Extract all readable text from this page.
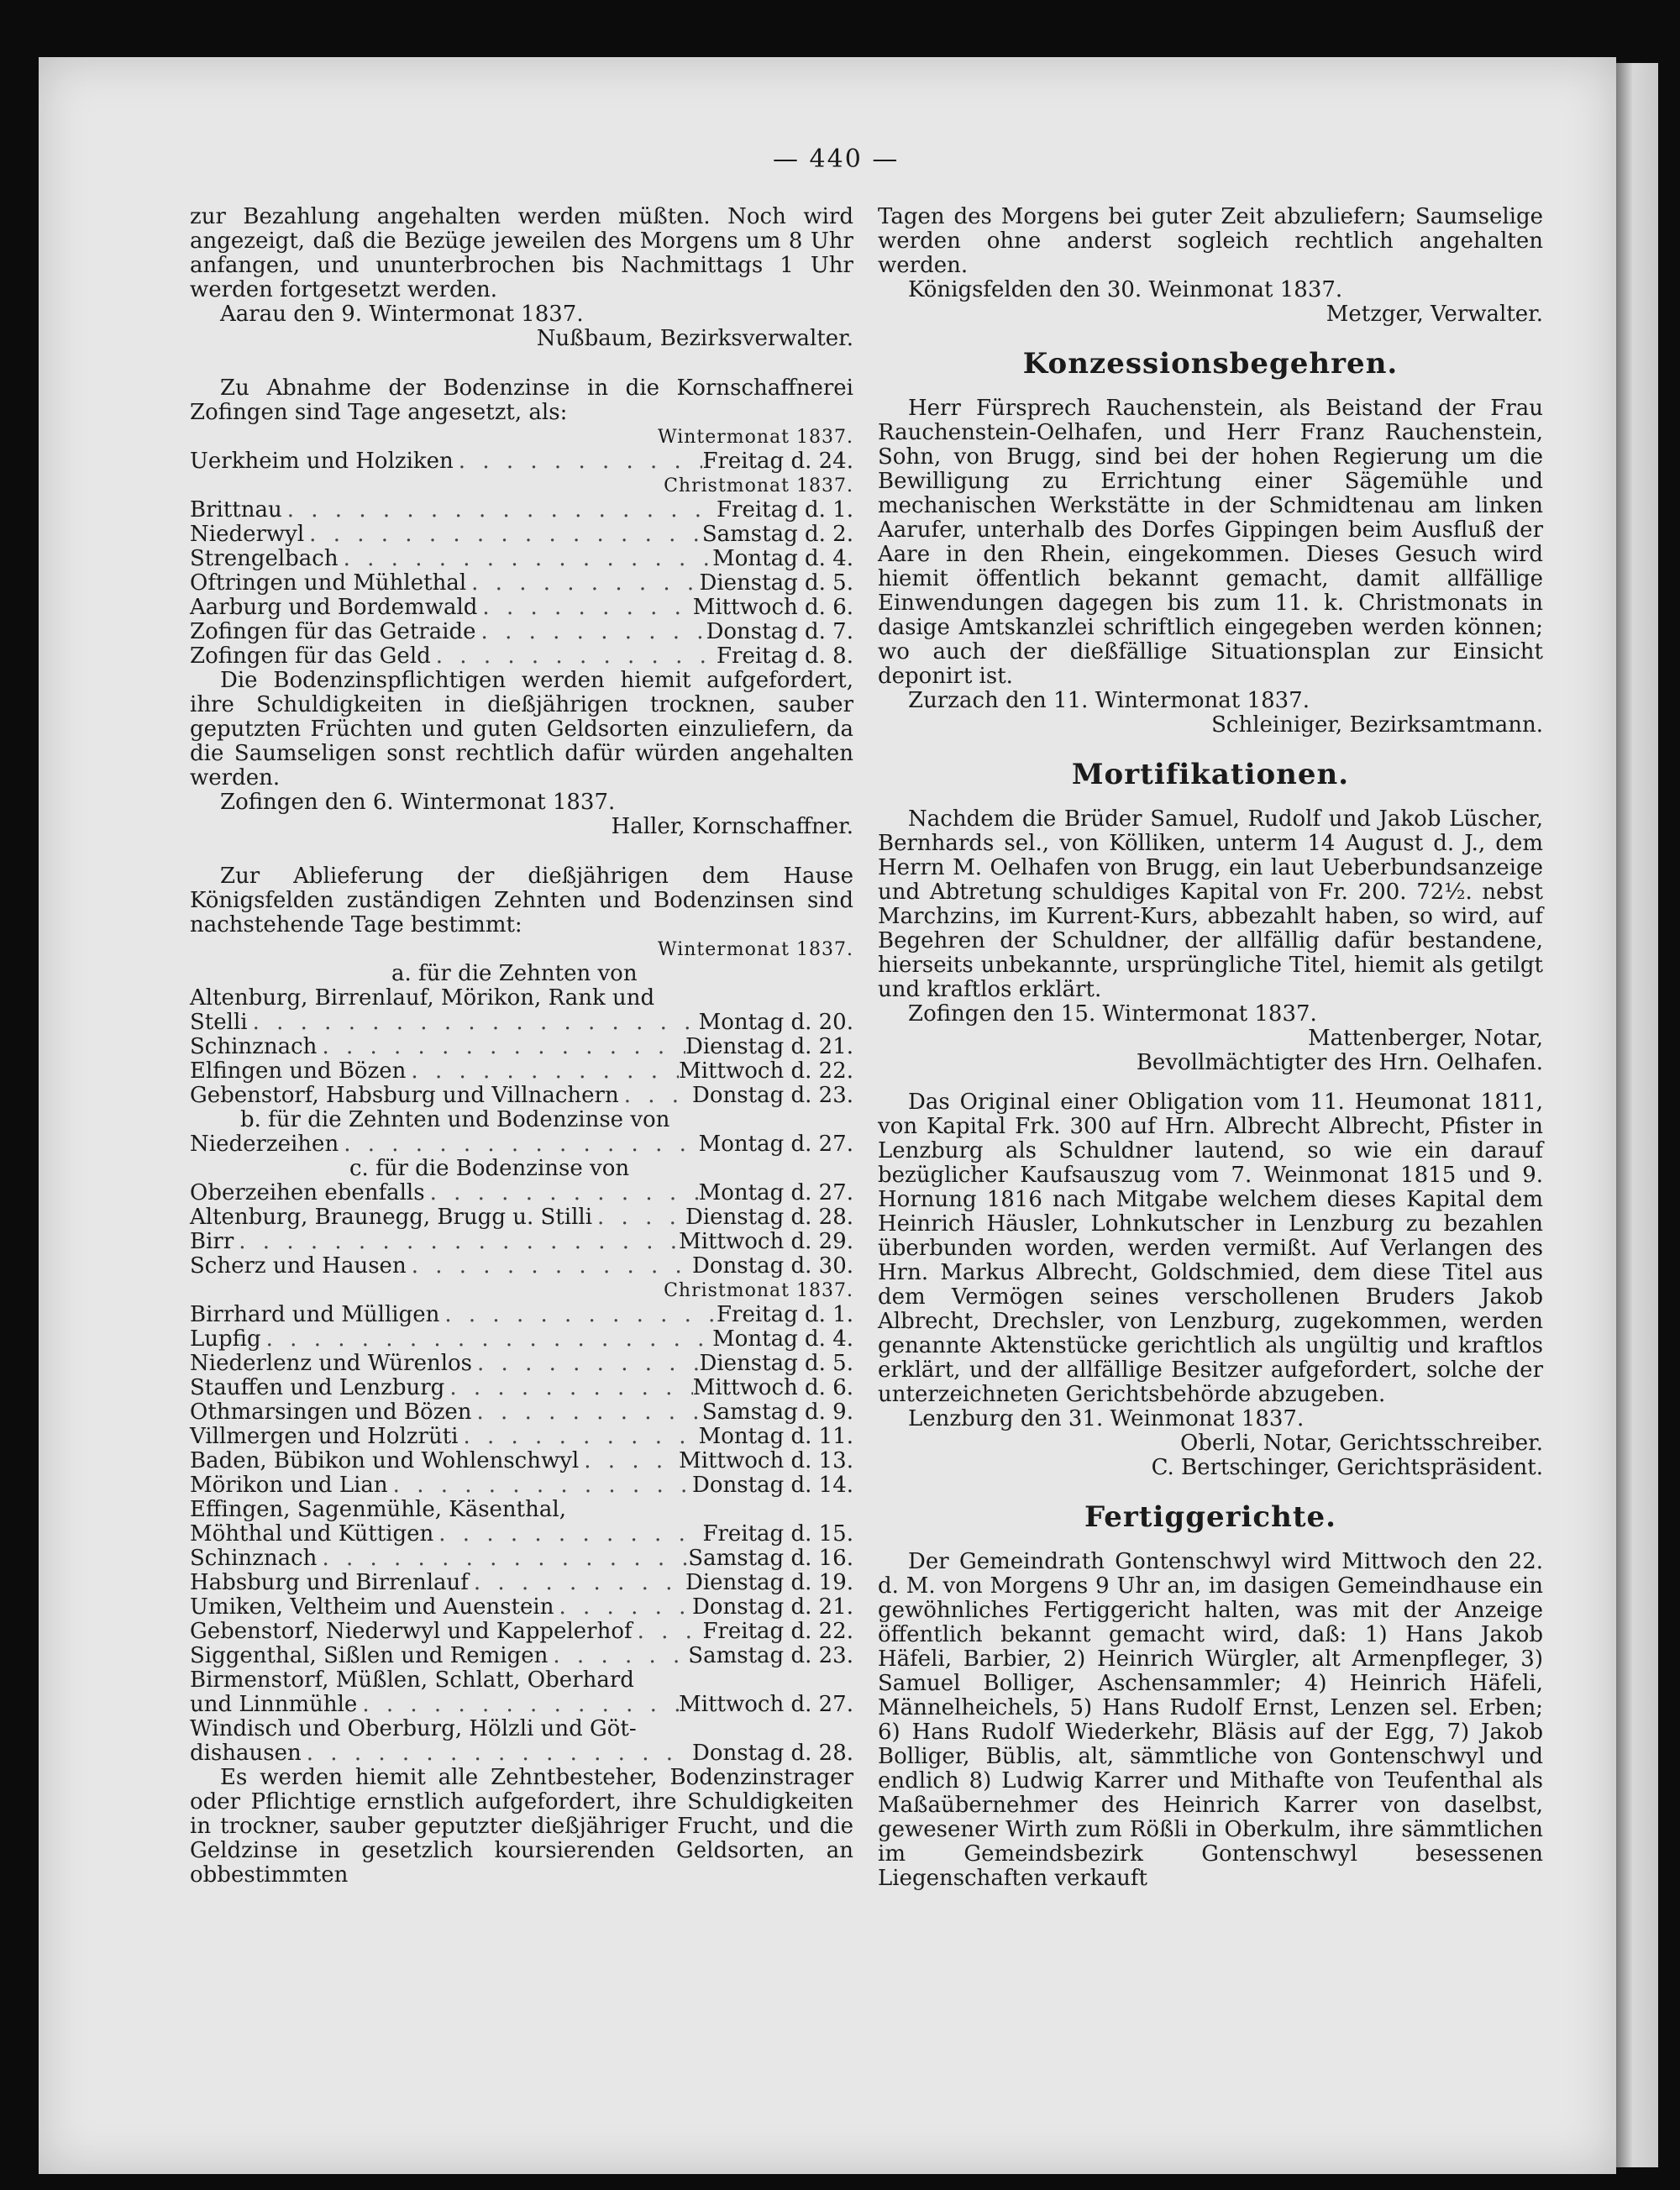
— 440 —

zur Bezahlung angehalten werden müßten. Noch wird angezeigt, daß die Bezüge jeweilen des Morgens um 8 Uhr anfangen, und ununterbrochen bis Nachmittags 1 Uhr werden fortgesetzt werden.

Aarau den 9. Wintermonat 1837.

Nußbaum, Bezirksverwalter.

Zu Abnahme der Bodenzinse in die Kornschaffnerei Zofingen sind Tage angesetzt, als:

Wintermonat 1837.
Uerkheim und Holziken . . .	Freitag d. 24.
Christmonat 1837.
Brittnau . . .	Freitag d. 1.
Niederwyl . . .	Samstag d. 2.
Strengelbach . . .	Montag d. 4.
Oftringen und Mühlethal . . .	Dienstag d. 5.
Aarburg und Bordemwald . . .	Mittwoch d. 6.
Zofingen für das Getraide . . .	Donstag d. 7.
Zofingen für das Geld . . .	Freitag d. 8.

Die Bodenzinspflichtigen werden hiemit aufgefordert, ihre Schuldigkeiten in dießjährigen trocknen, sauber geputzten Früchten und guten Geldsorten einzuliefern, da die Saumseligen sonst rechtlich dafür würden angehalten werden.

Zofingen den 6. Wintermonat 1837.

Haller, Kornschaffner.

Zur Ablieferung der dießjährigen dem Hause Königsfelden zuständigen Zehnten und Bodenzinsen sind nachstehende Tage bestimmt:

Wintermonat 1837.

a. für die Zehnten von

Altenburg, Birrenlauf, Mörikon, Rank und

Stelli . . .	Montag d. 20.
Schinznach . . .	Dienstag d. 21.
Elfingen und Bözen . . .	Mittwoch d. 22.
Gebenstorf, Habsburg und Villnachern . . .	Donstag d. 23.

b. für die Zehnten und Bodenzinse von

Niederzeihen . . .	Montag d. 27.

c. für die Bodenzinse von

Oberzeihen ebenfalls . . .	Montag d. 27.
Altenburg, Braunegg, Brugg u. Stilli . . .	Dienstag d. 28.
Birr . . .	Mittwoch d. 29.
Scherz und Hausen . . .	Donstag d. 30.
Christmonat 1837.
Birrhard und Mülligen . . .	Freitag d. 1.
Lupfig . . .	Montag d. 4.
Niederlenz und Würenlos . . .	Dienstag d. 5.
Stauffen und Lenzburg . . .	Mittwoch d. 6.
Othmarsingen und Bözen . . .	Samstag d. 9.
Villmergen und Holzrüti . . .	Montag d. 11.
Baden, Bübikon und Wohlenschwyl . . .	Mittwoch d. 13.
Mörikon und Lian . . .	Donstag d. 14.

Effingen, Sagenmühle, Käsenthal,

Möhthal und Küttigen . . .	Freitag d. 15.
Schinznach . . .	Samstag d. 16.
Habsburg und Birrenlauf . . .	Dienstag d. 19.
Umiken, Veltheim und Auenstein . . .	Donstag d. 21.
Gebenstorf, Niederwyl und Kappelerhof . . .	Freitag d. 22.
Siggenthal, Sißlen und Remigen . . .	Samstag d. 23.

Birmenstorf, Müßlen, Schlatt, Oberhard

und Linnmühle . . .	Mittwoch d. 27.

Windisch und Oberburg, Hölzli und Göt-

dishausen . . .	Donstag d. 28.

Es werden hiemit alle Zehntbesteher, Bodenzinstrager oder Pflichtige ernstlich aufgefordert, ihre Schuldigkeiten in trockner, sauber geputzter dießjähriger Frucht, und die Geldzinse in gesetzlich koursierenden Geldsorten, an obbestimmten

Tagen des Morgens bei guter Zeit abzuliefern; Saumselige werden ohne anderst sogleich rechtlich angehalten werden.

Königsfelden den 30. Weinmonat 1837.

Metzger, Verwalter.

Konzessionsbegehren.

Herr Fürsprech Rauchenstein, als Beistand der Frau Rauchenstein-Oelhafen, und Herr Franz Rauchenstein, Sohn, von Brugg, sind bei der hohen Regierung um die Bewilligung zu Errichtung einer Sägemühle und mechanischen Werkstätte in der Schmidtenau am linken Aarufer, unterhalb des Dorfes Gippingen beim Ausfluß der Aare in den Rhein, eingekommen. Dieses Gesuch wird hiemit öffentlich bekannt gemacht, damit allfällige Einwendungen dagegen bis zum 11. k. Christmonats in dasige Amtskanzlei schriftlich eingegeben werden können; wo auch der dießfällige Situationsplan zur Einsicht deponirt ist.

Zurzach den 11. Wintermonat 1837.

Schleiniger, Bezirksamtmann.

Mortifikationen.

Nachdem die Brüder Samuel, Rudolf und Jakob Lüscher, Bernhards sel., von Kölliken, unterm 14 August d. J., dem Herrn M. Oelhafen von Brugg, ein laut Ueberbundsanzeige und Abtretung schuldiges Kapital von Fr. 200. 72½. nebst Marchzins, im Kurrent-Kurs, abbezahlt haben, so wird, auf Begehren der Schuldner, der allfällig dafür bestandene, hierseits unbekannte, ursprüngliche Titel, hiemit als getilgt und kraftlos erklärt.

Zofingen den 15. Wintermonat 1837.

Mattenberger, Notar,

Bevollmächtigter des Hrn. Oelhafen.

Das Original einer Obligation vom 11. Heumonat 1811, von Kapital Frk. 300 auf Hrn. Albrecht Albrecht, Pfister in Lenzburg als Schuldner lautend, so wie ein darauf bezüglicher Kaufsauszug vom 7. Weinmonat 1815 und 9. Hornung 1816 nach Mitgabe welchem dieses Kapital dem Heinrich Häusler, Lohnkutscher in Lenzburg zu bezahlen überbunden worden, werden vermißt. Auf Verlangen des Hrn. Markus Albrecht, Goldschmied, dem diese Titel aus dem Vermögen seines verschollenen Bruders Jakob Albrecht, Drechsler, von Lenzburg, zugekommen, werden genannte Aktenstücke gerichtlich als ungültig und kraftlos erklärt, und der allfällige Besitzer aufgefordert, solche der unterzeichneten Gerichtsbehörde abzugeben.

Lenzburg den 31. Weinmonat 1837.

Oberli, Notar, Gerichtsschreiber.

C. Bertschinger, Gerichtspräsident.

Fertiggerichte.

Der Gemeindrath Gontenschwyl wird Mittwoch den 22. d. M. von Morgens 9 Uhr an, im dasigen Gemeindhause ein gewöhnliches Fertiggericht halten, was mit der Anzeige öffentlich bekannt gemacht wird, daß: 1) Hans Jakob Häfeli, Barbier, 2) Heinrich Würgler, alt Armenpfleger, 3) Samuel Bolliger, Aschensammler; 4) Heinrich Häfeli, Männelheichels, 5) Hans Rudolf Ernst, Lenzen sel. Erben; 6) Hans Rudolf Wiederkehr, Bläsis auf der Egg, 7) Jakob Bolliger, Büblis, alt, sämmtliche von Gontenschwyl und endlich 8) Ludwig Karrer und Mithafte von Teufenthal als Maßaübernehmer des Heinrich Karrer von daselbst, gewesener Wirth zum Rößli in Oberkulm, ihre sämmtlichen im Gemeindsbezirk Gontenschwyl besessenen Liegenschaften verkauft
